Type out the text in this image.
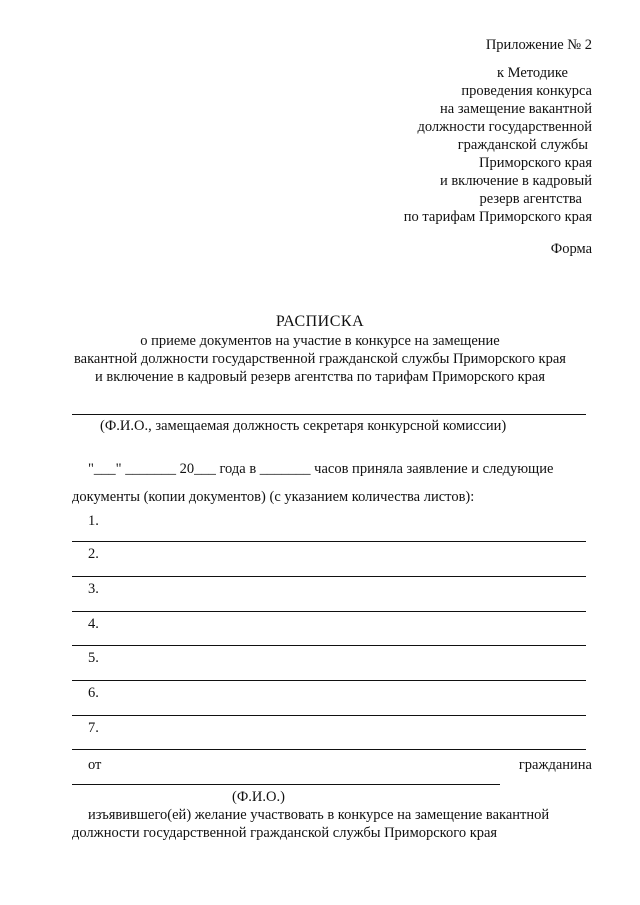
Приложение № 2
к Методике
проведения конкурса
на замещение вакантной
должности государственной
гражданской службы
Приморского края
и включение в кадровый
резерв агентства
по тарифам Приморского края
Форма
РАСПИСКА
о приеме документов на участие в конкурсе на замещение
вакантной должности государственной гражданской службы Приморского края
и включение в кадровый резерв агентства по тарифам Приморского края
(Ф.И.О., замещаемая должность секретаря конкурсной комиссии)
"___" _______ 20___ года в _______ часов приняла заявление и следующие
документы (копии документов) (с указанием количества листов):
1.
2.
3.
4.
5.
6.
7.
от	гражданина
(Ф.И.О.)
изъявившего(ей) желание участвовать в конкурсе на замещение вакантной
должности государственной гражданской службы Приморского края
